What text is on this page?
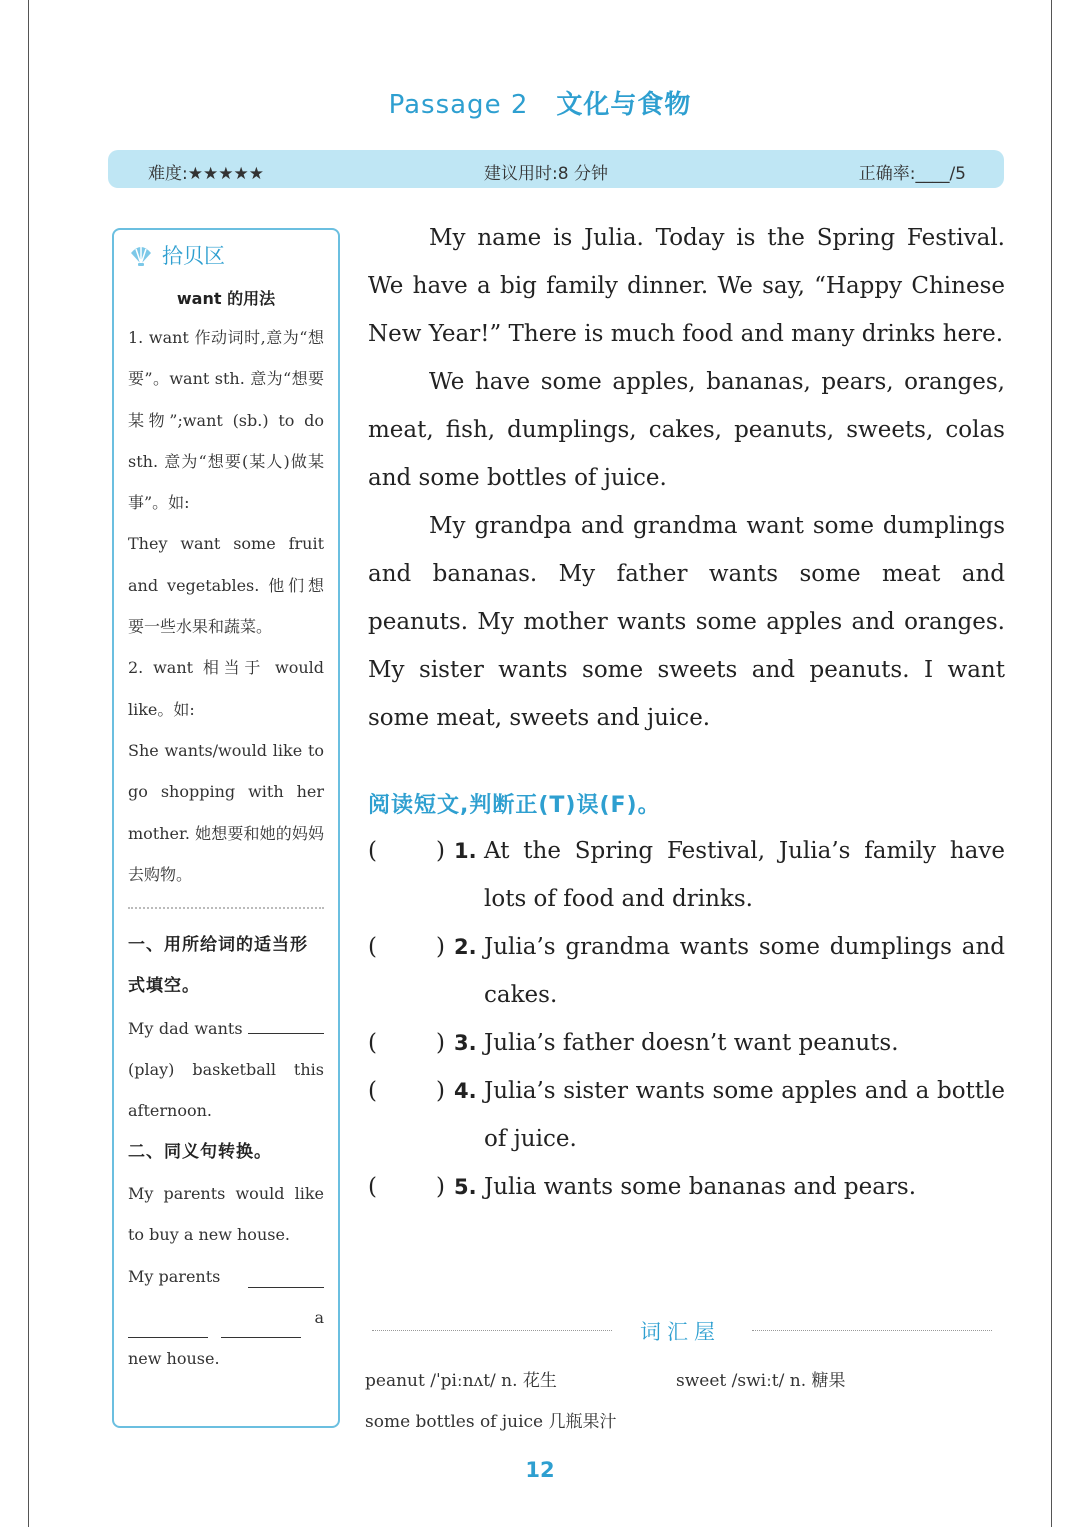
Passage 2 文化与食物
难度:★★★★★	建议用时:8 分钟	正确率:____/5
拾贝区
want 的用法

1. want 作动词时,意为“想要”。want sth. 意为“想要某物”;want (sb.) to do sth. 意为“想要(某人)做某事”。如:

They want some fruit and vegetables. 他们想要一些水果和蔬菜。

2. want 相当于 would like。如:

She wants/would like to go shopping with her mother. 她想要和她的妈妈去购物。

一、用所给词的适当形式填空。

My dad wants  (play) basketball this afternoon.

二、同义句转换。

My parents would like to buy a new house.

My parents

a

new house.

My name is Julia. Today is the Spring Festival. We have a big family dinner. We say, “Happy Chinese New Year!” There is much food and many drinks here.

We have some apples, bananas, pears, oranges, meat, fish, dumplings, cakes, peanuts, sweets, colas and some bottles of juice.

My grandpa and grandma want some dumplings and bananas. My father wants some meat and peanuts. My mother wants some apples and oranges. My sister wants some sweets and peanuts. I want some meat, sweets and juice.

阅读短文,判断正(T)误(F)。
(	) 1. At the Spring Festival, Julia’s family have lots of food and drinks.
(	) 2. Julia’s grandma wants some dumplings and cakes.
(	) 3. Julia’s father doesn’t want peanuts.
(	) 4. Julia’s sister wants some apples and a bottle of juice.
(	) 5. Julia wants some bananas and pears.
词汇屋
peanut /ˈpiːnʌt/ n. 花生	sweet /swiːt/ n. 糖果
some bottles of juice 几瓶果汁
12
